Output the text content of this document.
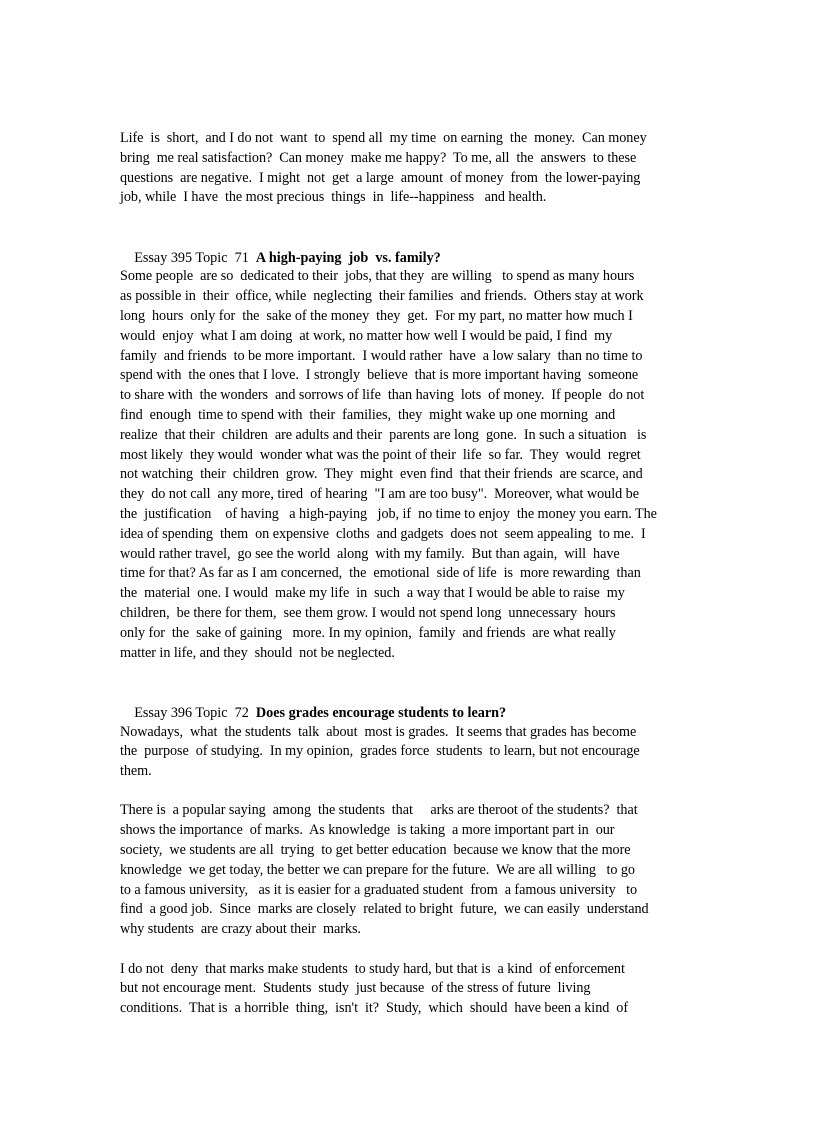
Life  is  short,  and I do not  want  to  spend all  my time  on earning  the  money.  Can money
bring  me real satisfaction?  Can money  make me happy?  To me, all  the  answers  to these
questions  are negative.  I might  not  get  a large  amount  of money  from  the lower-paying
job, while  I have  the most precious  things  in  life--happiness   and health.

Essay 395 Topic  71  A high-paying  job  vs. family?

Some people  are so  dedicated to their  jobs, that they  are willing   to spend as many hours
as possible in  their  office, while  neglecting  their families  and friends.  Others stay at work
long  hours  only for  the  sake of the money  they  get.  For my part, no matter how much I
would  enjoy  what I am doing  at work, no matter how well I would be paid, I find  my
family  and friends  to be more important.  I would rather  have  a low salary  than no time to
spend with  the ones that I love.  I strongly  believe  that is more important having  someone
to share with  the wonders  and sorrows of life  than having  lots  of money.  If people  do not
find  enough  time to spend with  their  families,  they  might wake up one morning  and
realize  that their  children  are adults and their  parents are long  gone.  In such a situation   is
most likely  they would  wonder what was the point of their  life  so far.  They  would  regret
not watching  their  children  grow.  They  might  even find  that their friends  are scarce, and
they  do not call  any more, tired  of hearing  "I am are too busy".  Moreover, what would be
the  justification    of having   a high-paying   job, if  no time to enjoy  the money you earn. The
idea of spending  them  on expensive  cloths  and gadgets  does not  seem appealing  to me.  I
would rather travel,  go see the world  along  with my family.  But than again,  will  have
time for that? As far as I am concerned,  the  emotional  side of life  is  more rewarding  than
the  material  one. I would  make my life  in  such  a way that I would be able to raise  my
children,  be there for them,  see them grow. I would not spend long  unnecessary  hours
only for  the  sake of gaining   more. In my opinion,  family  and friends  are what really
matter in life, and they  should  not be neglected.

Essay 396 Topic  72  Does grades encourage students to learn?

Nowadays,  what  the students  talk  about  most is grades.  It seems that grades has become
the  purpose  of studying.  In my opinion,  grades force  students  to learn, but not encourage
them.
There is  a popular saying  among  the students  that     arks are theroot of the students?  that
shows the importance  of marks.  As knowledge  is taking  a more important part in  our
society,  we students are all  trying  to get better education  because we know that the more
knowledge  we get today, the better we can prepare for the future.  We are all willing   to go
to a famous university,   as it is easier for a graduated student  from  a famous university   to
find  a good job.  Since  marks are closely  related to bright  future,  we can easily  understand
why students  are crazy about their  marks.
I do not  deny  that marks make students  to study hard, but that is  a kind  of enforcement
but not encourage ment.  Students  study  just because  of the stress of future  living
conditions.  That is  a horrible  thing,  isn't  it?  Study,  which  should  have been a kind  of
